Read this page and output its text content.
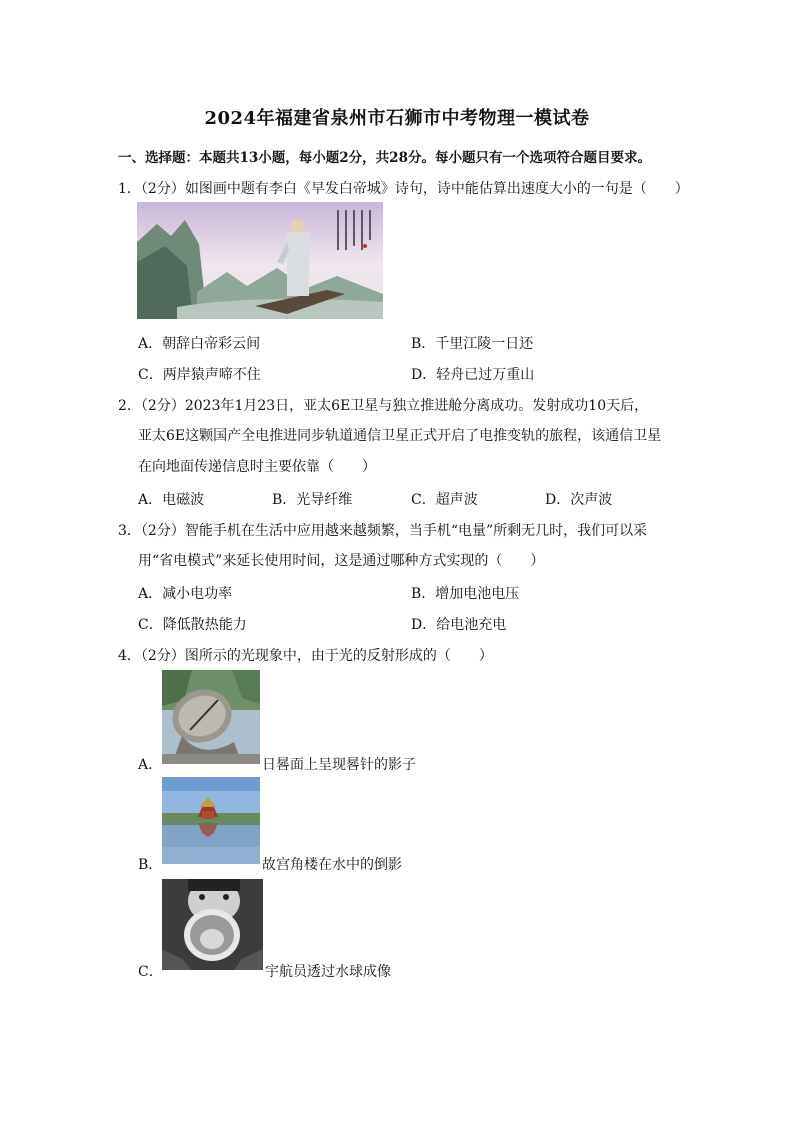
2024年福建省泉州市石狮市中考物理一模试卷
一、选择题：本题共13小题，每小题2分，共28分。每小题只有一个选项符合题目要求。
1．（2分）如图画中题有李白《早发白帝城》诗句，诗中能估算出速度大小的一句是（　　）
A．朝辞白帝彩云间	B．千里江陵一日还
C．两岸猿声啼不住	D．轻舟已过万重山
2．（2分）2023年1月23日，亚太6E卫星与独立推进舱分离成功。发射成功10天后，
亚太6E这颗国产全电推进同步轨道通信卫星正式开启了电推变轨的旅程，该通信卫星
在向地面传递信息时主要依靠（　　）
A．电磁波	B．光导纤维	C．超声波	D．次声波
3．（2分）智能手机在生活中应用越来越频繁，当手机“电量”所剩无几时，我们可以采
用“省电模式”来延长使用时间，这是通过哪种方式实现的（　　）
A．减小电功率	B．增加电池电压
C．降低散热能力	D．给电池充电
4．（2分）图所示的光现象中，由于光的反射形成的（　　）
A．	日晷面上呈现晷针的影子
B．	故宫角楼在水中的倒影
C．	宇航员透过水球成像
